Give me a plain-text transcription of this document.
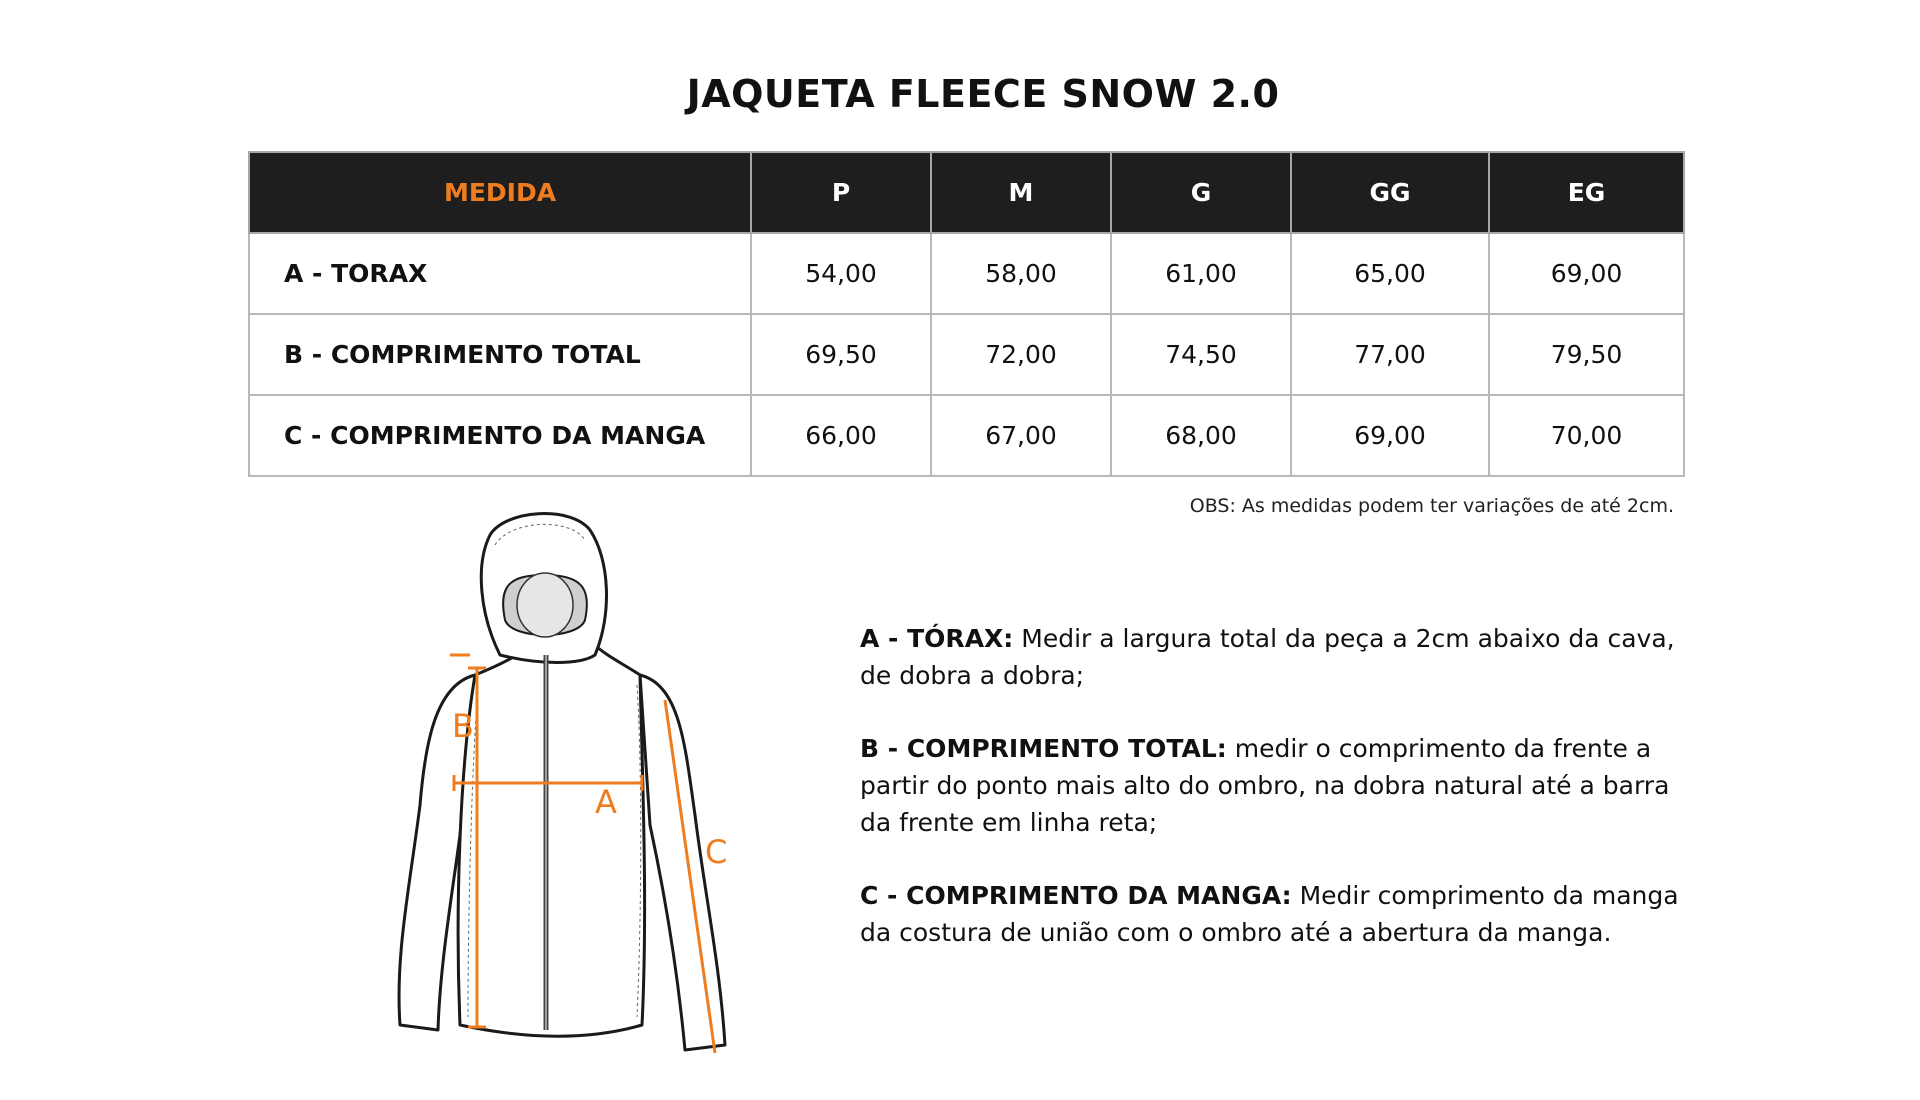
JAQUETA FLEECE SNOW 2.0
MEDIDA	P	M	G	GG	EG
A - TORAX	54,00	58,00	61,00	65,00	69,00
B - COMPRIMENTO TOTAL	69,50	72,00	74,50	77,00	79,50
C - COMPRIMENTO DA MANGA	66,00	67,00	68,00	69,00	70,00
OBS: As medidas podem ter variações de até 2cm.
B
A
C

A - TÓRAX: Medir a largura total da peça a 2cm abaixo da cava, de dobra a dobra;

B - COMPRIMENTO TOTAL: medir o comprimento da frente a partir do ponto mais alto do ombro, na dobra natural até a barra da frente em linha reta;

C - COMPRIMENTO DA MANGA: Medir comprimento da manga da costura de união com o ombro até a abertura da manga.
